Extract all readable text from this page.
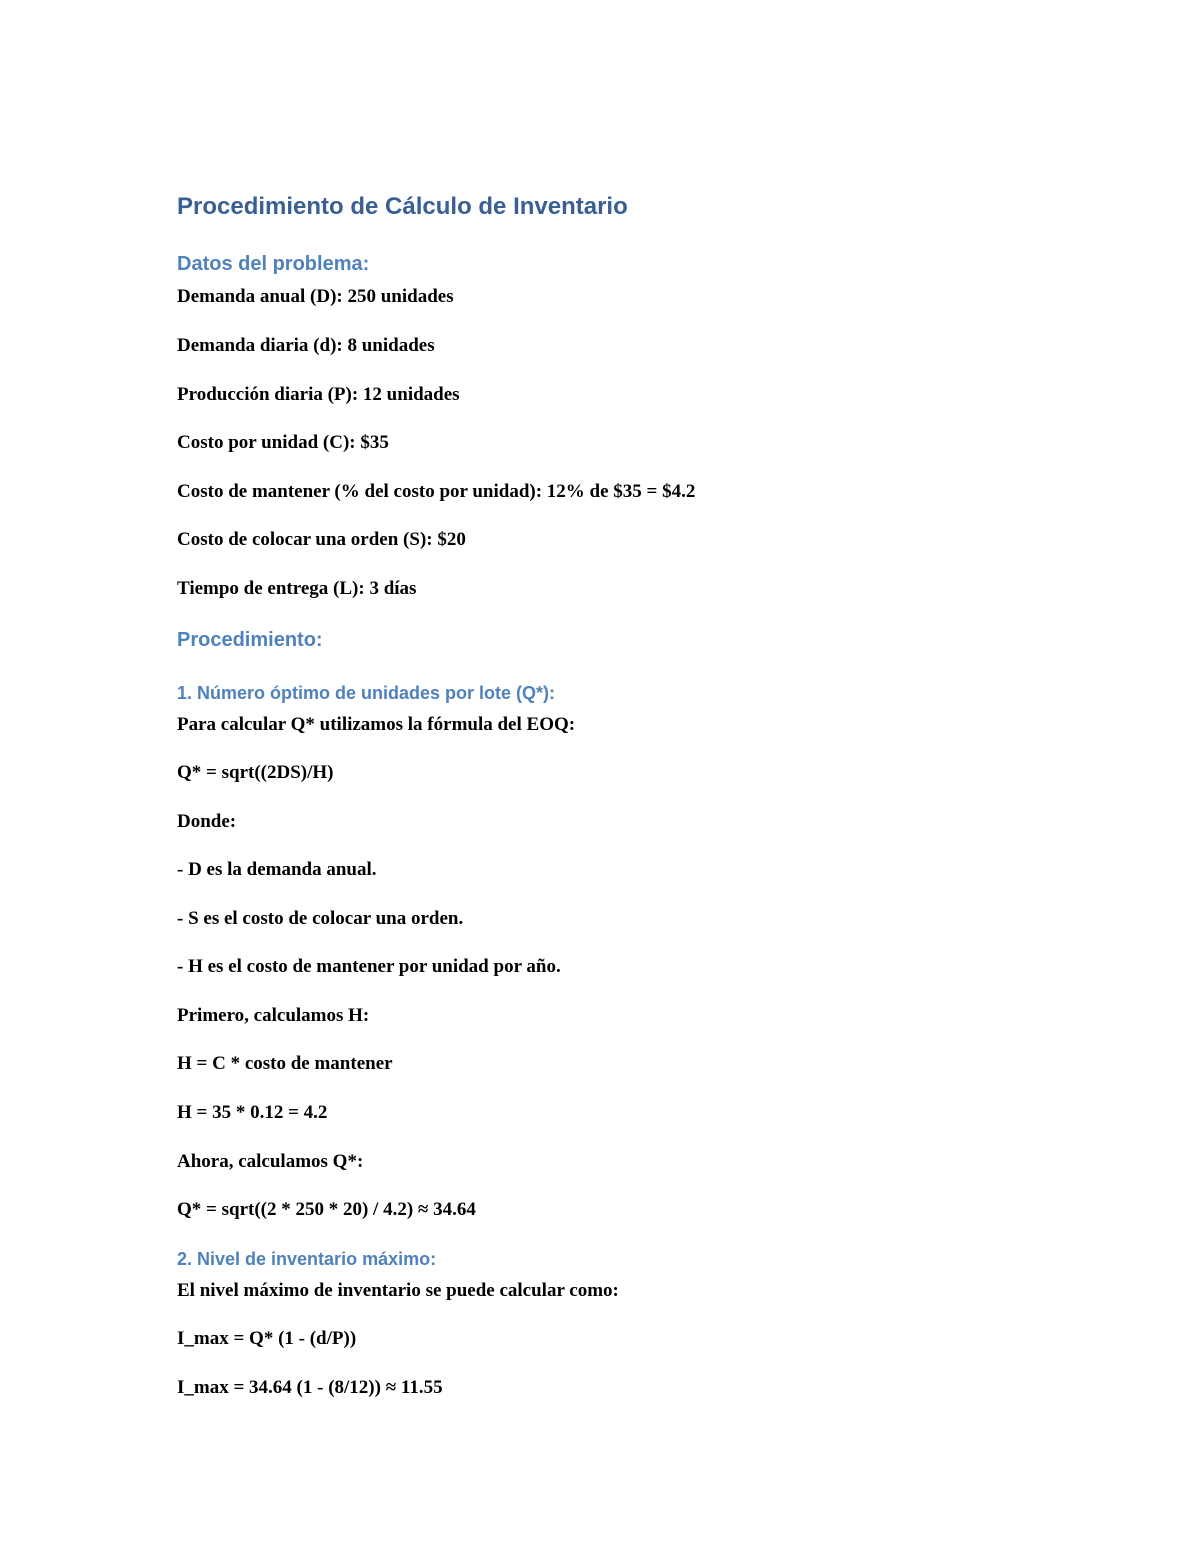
Procedimiento de Cálculo de Inventario
Datos del problema:
Demanda anual (D): 250 unidades
Demanda diaria (d): 8 unidades
Producción diaria (P): 12 unidades
Costo por unidad (C): $35
Costo de mantener (% del costo por unidad): 12% de $35 = $4.2
Costo de colocar una orden (S): $20
Tiempo de entrega (L): 3 días
Procedimiento:
1. Número óptimo de unidades por lote (Q*):
Para calcular Q* utilizamos la fórmula del EOQ:
Q* = sqrt((2DS)/H)
Donde:
- D es la demanda anual.
- S es el costo de colocar una orden.
- H es el costo de mantener por unidad por año.
Primero, calculamos H:
H = C * costo de mantener
H = 35 * 0.12 = 4.2
Ahora, calculamos Q*:
Q* = sqrt((2 * 250 * 20) / 4.2) ≈ 34.64
2. Nivel de inventario máximo:
El nivel máximo de inventario se puede calcular como:
I_max = Q* (1 - (d/P))
I_max = 34.64 (1 - (8/12)) ≈ 11.55
